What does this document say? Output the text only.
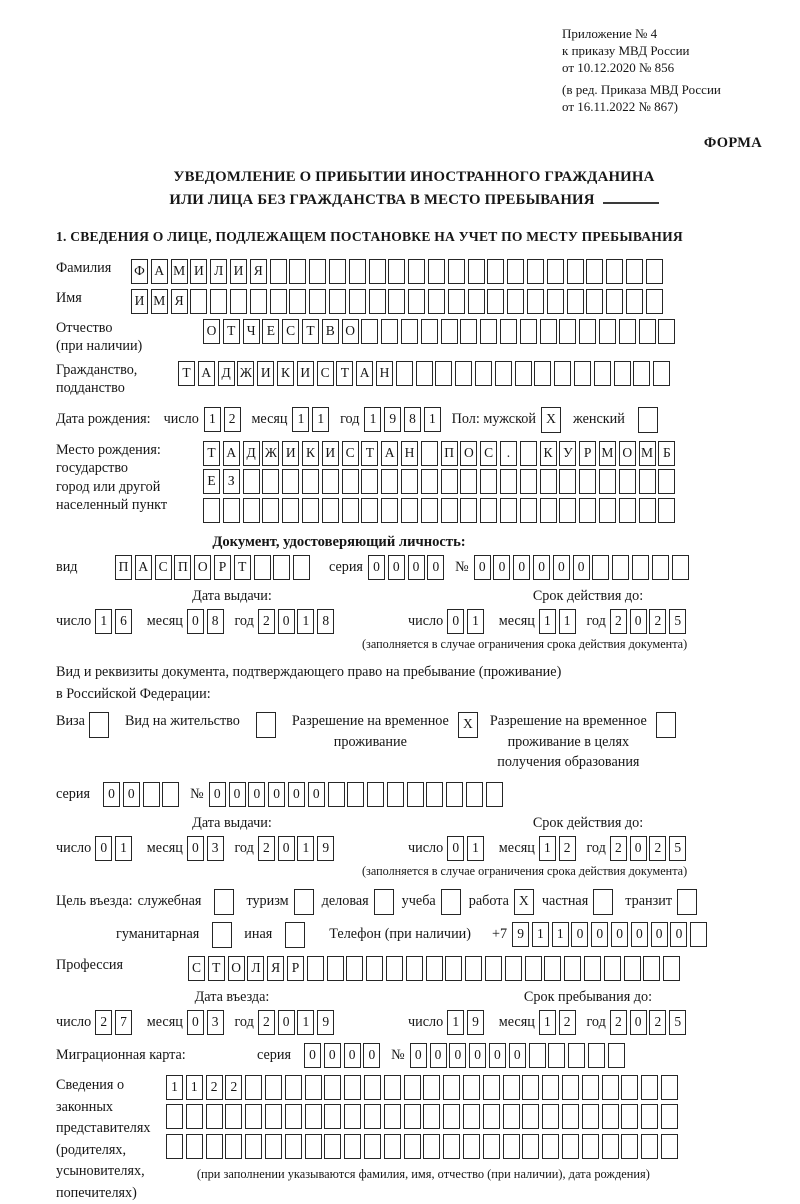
Приложение № 4
к приказу МВД России
от 10.12.2020 № 856
(в ред. Приказа МВД России
от 16.11.2022 № 867)
ФОРМА
УВЕДОМЛЕНИЕ О ПРИБЫТИИ ИНОСТРАННОГО ГРАЖДАНИНА
ИЛИ ЛИЦА БЕЗ ГРАЖДАНСТВА В МЕСТО ПРЕБЫВАНИЯ
1. СВЕДЕНИЯ О ЛИЦЕ, ПОДЛЕЖАЩЕМ ПОСТАНОВКЕ НА УЧЕТ ПО МЕСТУ ПРЕБЫВАНИЯ
Фамилия	Ф А М И Л И Я
Имя	И М Я
Отчество
(при наличии)
О Т Ч Е С Т В О
Гражданство,
подданство
Т А Д Ж И К И С Т А Н
Дата рождения: число 1 2	месяц 1 1	год 1 9 8 1	Пол: мужской X	женский
Место рождения:
государство
город или другой
населенный пункт
Т А Д Ж И К И С Т А Н П О С	.	К У Р М О М Б
Е З
Документ, удостоверяющий личность:
вид	П А С П О Р Т	серия 0 0 0 0	№ 0 0 0 0 0 0
Дата выдачи:
число 1 6	месяц 0 8	год 2 0 1 8
Срок действия до:
число 0 1	месяц 1 1	год 2 0 2 5
(заполняется в случае ограничения срока действия документа)
Вид и реквизиты документа, подтверждающего право на пребывание (проживание)
в Российской Федерации:
Виза	Вид на жительство	Разрешение на временное
проживание
X	Разрешение на временное
проживание в целях
получения образования
серия	0 0	№ 0 0 0 0 0 0
Дата выдачи:
число 0 1	месяц 0 3	год 2 0 1 9
Срок действия до:
число 0 1	месяц 1 2	год 2 0 2 5
(заполняется в случае ограничения срока действия документа)
Цель въезда: служебная	туризм деловая учеба работа X частная	транзит
гуманитарная	иная	Телефон (при наличии) +7 9 1 1 0 0 0 0 0 0
Профессия	С Т О Л Я Р
Дата въезда:
число 2 7	месяц 0 3	год 2 0 1 9
Срок пребывания до:
число 1 9	месяц 1 2	год 2 0 2 5
Миграционная карта:	серия	0 0 0 0	№ 0 0 0 0 0 0
Сведения о
законных
представителях
(родителях,
усыновителях,
попечителях)
1 1 2 2
(при заполнении указываются фамилия, имя, отчество (при наличии), дата рождения)
